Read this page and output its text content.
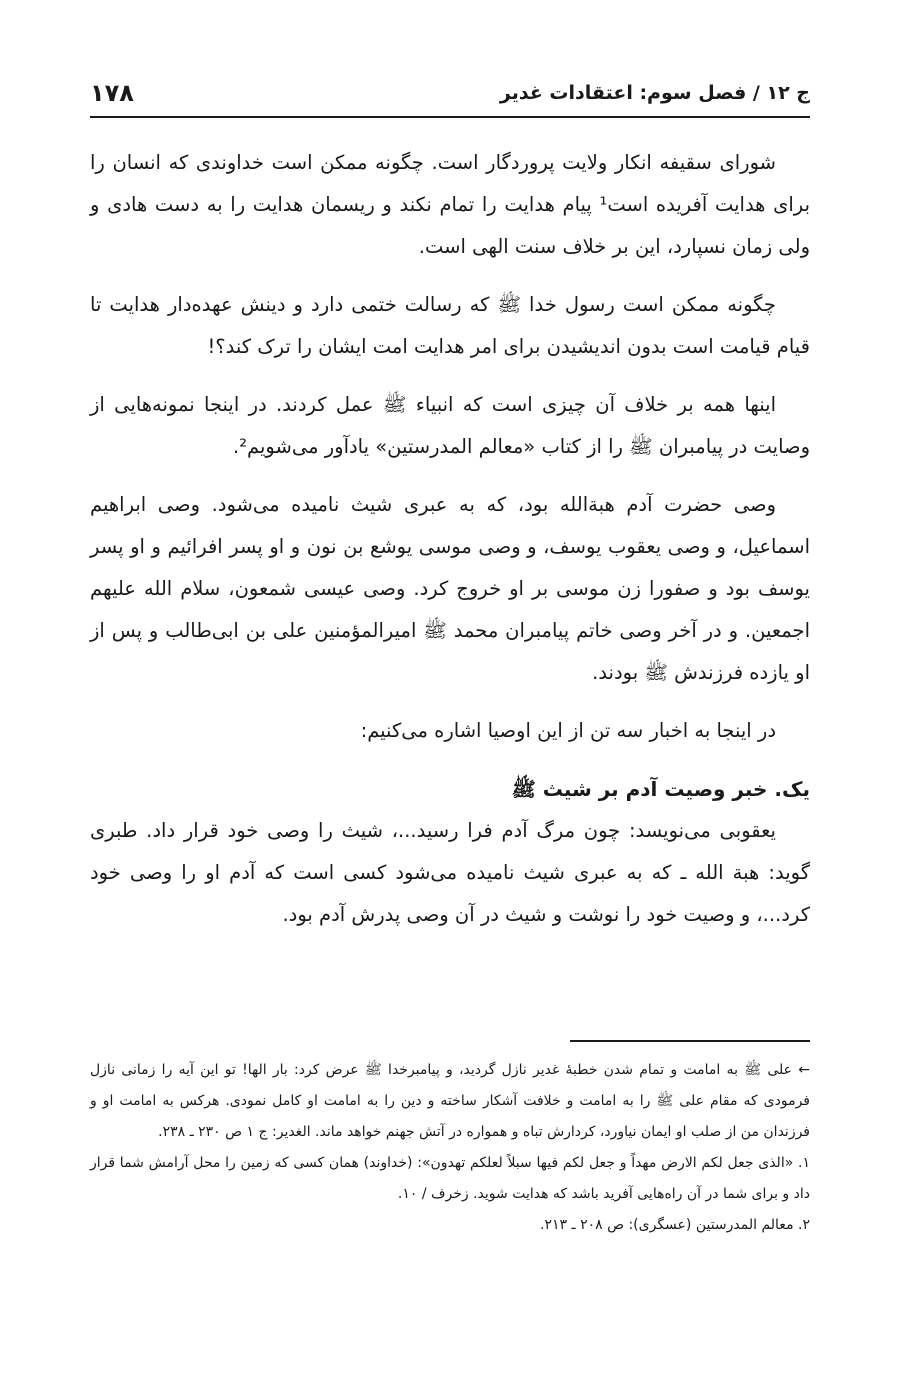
ج ۱۲ / فصل سوم: اعتقادات غدیر
۱۷۸

شورای سقیفه انکار ولایت پروردگار است. چگونه ممکن است خداوندی که انسان را برای هدایت آفریده است¹ پیام هدایت را تمام نکند و ریسمان هدایت را به دست هادی و ولی زمان نسپارد، این بر خلاف سنت الهی است.

چگونه ممکن است رسول خدا ﷺ که رسالت ختمی دارد و دینش عهده‌دار هدایت تا قیام قیامت است بدون اندیشیدن برای امر هدایت امت ایشان را ترک کند؟!

اینها همه بر خلاف آن چیزی است که انبیاء ﷺ عمل کردند. در اینجا نمونه‌هایی از وصایت در پیامبران ﷺ را از کتاب «معالم المدرستین» یادآور می‌شویم².

وصی حضرت آدم هبةالله بود، که به عبری شیث نامیده می‌شود. وصی ابراهیم اسماعیل، و وصی یعقوب یوسف، و وصی موسی یوشع بن نون و او پسر افرائیم و او پسر یوسف بود و صفورا زن موسی بر او خروج کرد. وصی عیسی شمعون، سلام الله علیهم اجمعین. و در آخر وصی خاتم پیامبران محمد ﷺ امیرالمؤمنین علی بن ابی‌طالب و پس از او یازده فرزندش ﷺ بودند.

در اینجا به اخبار سه تن از این اوصیا اشاره می‌کنیم:

یک. خبر وصیت آدم بر شیث ﷺ

یعقوبی می‌نویسد: چون مرگ آدم فرا رسید...، شیث را وصی خود قرار داد. طبری گوید: هبة الله ـ که به عبری شیث نامیده می‌شود کسی است که آدم او را وصی خود کرد...، و وصیت خود را نوشت و شیث در آن وصی پدرش آدم بود.

← علی ﷺ به امامت و تمام شدن خطبهٔ غدیر نازل گردید، و پیامبرخدا ﷺ عرض کرد: بار الها! تو این آیه را زمانی نازل فرمودی که مقام علی ﷺ را به امامت و خلافت آشکار ساخته و دین را به امامت او کامل نمودی. هرکس به امامت او و فرزندان من از صلب او ایمان نیاورد، کردارش تباه و همواره در آتش جهنم خواهد ماند. الغدیر: ج ۱ ص ۲۳۰ ـ ۲۳۸.

۱. «الذی جعل لکم الارض مهداً و جعل لکم فیها سبلاً لعلکم تهدون»: (خداوند) همان کسی که زمین را محل آرامش شما قرار داد و برای شما در آن راه‌هایی آفرید باشد که هدایت شوید. زخرف / ۱۰.

۲. معالم المدرستین (عسگری): ص ۲۰۸ ـ ۲۱۳.
